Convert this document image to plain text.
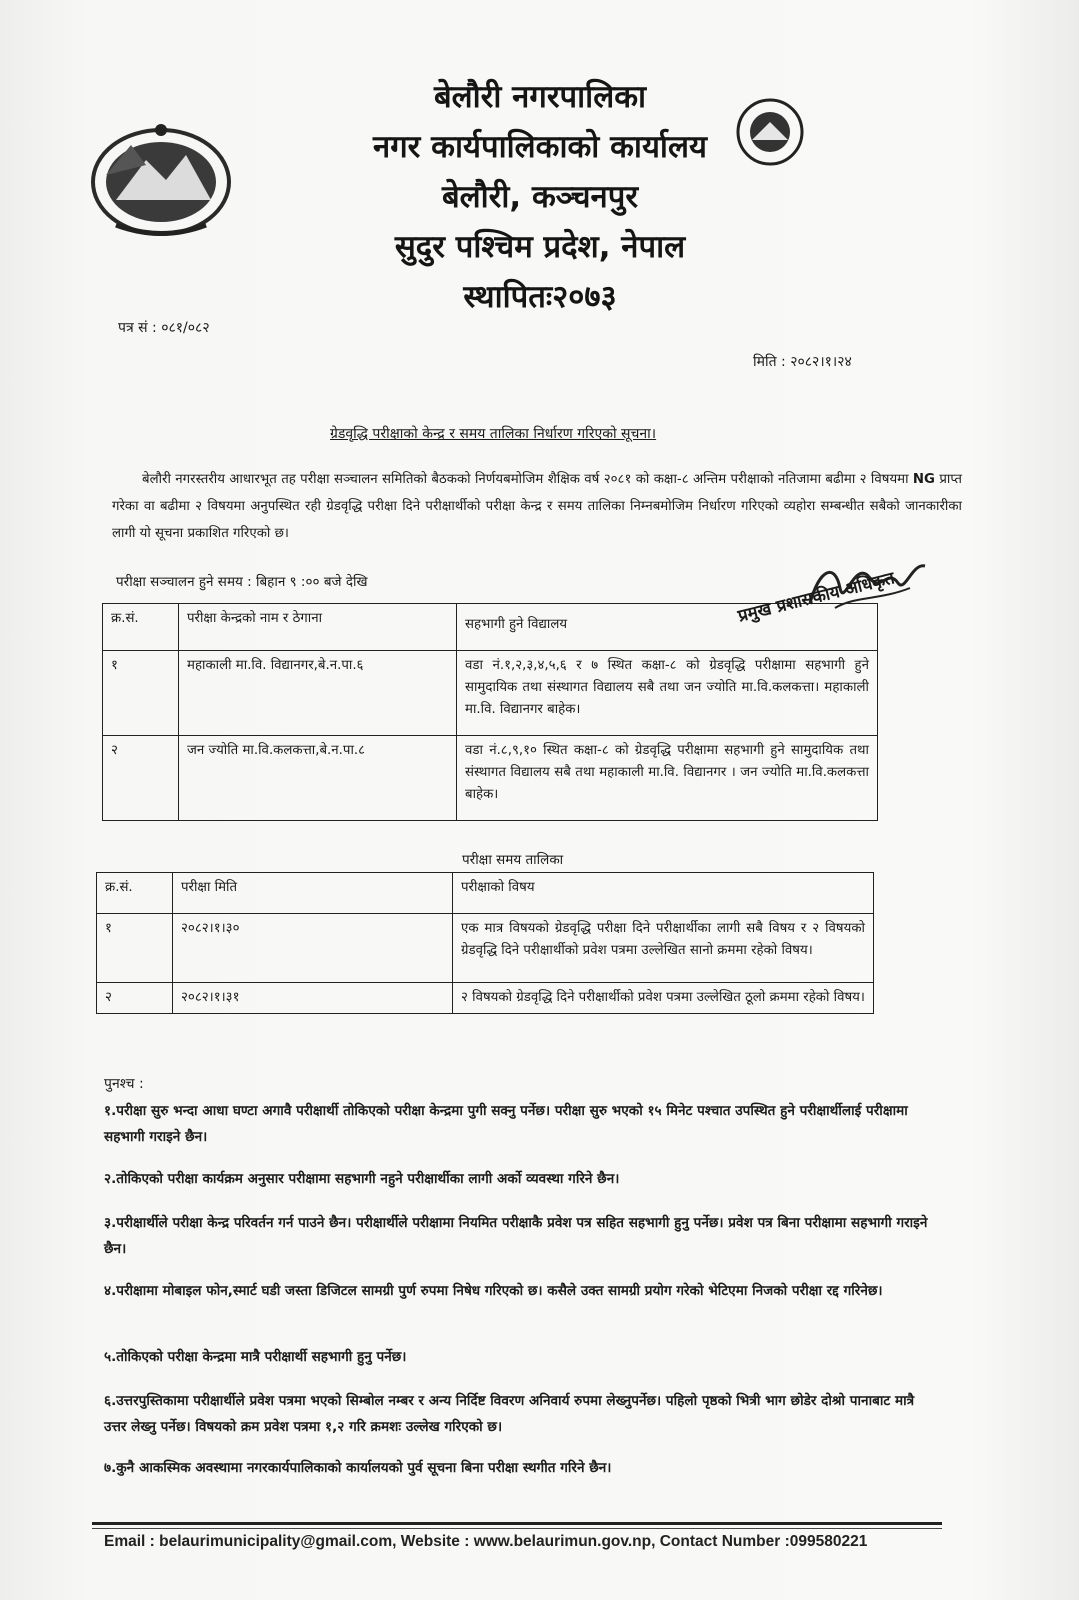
बेलौरी नगरपालिका
नगर कार्यपालिकाको कार्यालय
बेलौरी, कञ्चनपुर
सुदुर पश्चिम प्रदेश, नेपाल
स्थापितः२०७३
पत्र सं : ०८१/०८२
मिति : २०८२।१।२४
ग्रेडवृद्धि परीक्षाको केन्द्र र समय तालिका निर्धारण गरिएको सूचना।
बेलौरी नगरस्तरीय आधारभूत तह परीक्षा सञ्चालन समितिको बैठकको निर्णयबमोजिम शैक्षिक वर्ष २०८१ को कक्षा-८ अन्तिम परीक्षाको नतिजामा बढीमा २ विषयमा NG प्राप्त गरेका वा बढीमा २ विषयमा अनुपस्थित रही ग्रेडवृद्धि परीक्षा दिने परीक्षार्थीको परीक्षा केन्द्र र समय तालिका निम्नबमोजिम निर्धारण गरिएको व्यहोरा सम्बन्धीत सबैको जानकारीका लागी यो सूचना प्रकाशित गरिएको छ।
परीक्षा सञ्चालन हुने समय : बिहान ९ :०० बजे देखि	प्रमुख प्रशासकीय अधिकृत
क्र.सं.	परीक्षा केन्द्रको नाम र ठेगाना	सहभागी हुने विद्यालय
१	महाकाली मा.वि. विद्यानगर,बे.न.पा.६	वडा नं.१,२,३,४,५,६ र ७ स्थित कक्षा-८ को ग्रेडवृद्धि परीक्षामा सहभागी हुने सामुदायिक तथा संस्थागत विद्यालय सबै तथा जन ज्योति मा.वि.कलकत्ता। महाकाली मा.वि. विद्यानगर बाहेक।
२	जन ज्योति मा.वि.कलकत्ता,बे.न.पा.८	वडा नं.८,९,१० स्थित कक्षा-८ को ग्रेडवृद्धि परीक्षामा सहभागी हुने सामुदायिक तथा संस्थागत विद्यालय सबै तथा महाकाली मा.वि. विद्यानगर । जन ज्योति मा.वि.कलकत्ता बाहेक।
परीक्षा समय तालिका
क्र.सं.	परीक्षा मिति	परीक्षाको विषय
१	२०८२।१।३०	एक मात्र विषयको ग्रेडवृद्धि परीक्षा दिने परीक्षार्थीका लागी सबै विषय र २ विषयको ग्रेडवृद्धि दिने परीक्षार्थीको प्रवेश पत्रमा उल्लेखित सानो क्रममा रहेको विषय।
२	२०८२।१।३१	२ विषयको ग्रेडवृद्धि दिने परीक्षार्थीको प्रवेश पत्रमा उल्लेखित ठूलो क्रममा रहेको विषय।
पुनश्च :
१.परीक्षा सुरु भन्दा आधा घण्टा अगावै परीक्षार्थी तोकिएको परीक्षा केन्द्रमा पुगी सक्नु पर्नेछ। परीक्षा सुरु भएको १५ मिनेट पश्चात उपस्थित हुने परीक्षार्थीलाई परीक्षामा सहभागी गराइने छैन।
२.तोकिएको परीक्षा कार्यक्रम अनुसार परीक्षामा सहभागी नहुने परीक्षार्थीका लागी अर्को व्यवस्था गरिने छैन।
३.परीक्षार्थीले परीक्षा केन्द्र परिवर्तन गर्न पाउने छैन। परीक्षार्थीले परीक्षामा नियमित परीक्षाकै प्रवेश पत्र सहित सहभागी हुनु पर्नेछ। प्रवेश पत्र बिना परीक्षामा सहभागी गराइने छैन।
४.परीक्षामा मोबाइल फोन,स्मार्ट घडी जस्ता डिजिटल सामग्री पुर्ण रुपमा निषेध गरिएको छ। कसैले उक्त सामग्री प्रयोग गरेको भेटिएमा निजको परीक्षा रद्द गरिनेछ।
५.तोकिएको परीक्षा केन्द्रमा मात्रै परीक्षार्थी सहभागी हुनु पर्नेछ।
६.उत्तरपुस्तिकामा परीक्षार्थीले प्रवेश पत्रमा भएको सिम्बोल नम्बर र अन्य निर्दिष्ट विवरण अनिवार्य रुपमा लेख्नुपर्नेछ। पहिलो पृष्ठको भित्री भाग छोडेर दोश्रो पानाबाट मात्रै उत्तर लेख्नु पर्नेछ। विषयको क्रम प्रवेश पत्रमा १,२ गरि क्रमशः उल्लेख गरिएको छ।
७.कुनै आकस्मिक अवस्थामा नगरकार्यपालिकाको कार्यालयको पुर्व सूचना बिना परीक्षा स्थगीत गरिने छैन।
Email : belaurimunicipality@gmail.com, Website : www.belaurimun.gov.np, Contact Number :099580221
